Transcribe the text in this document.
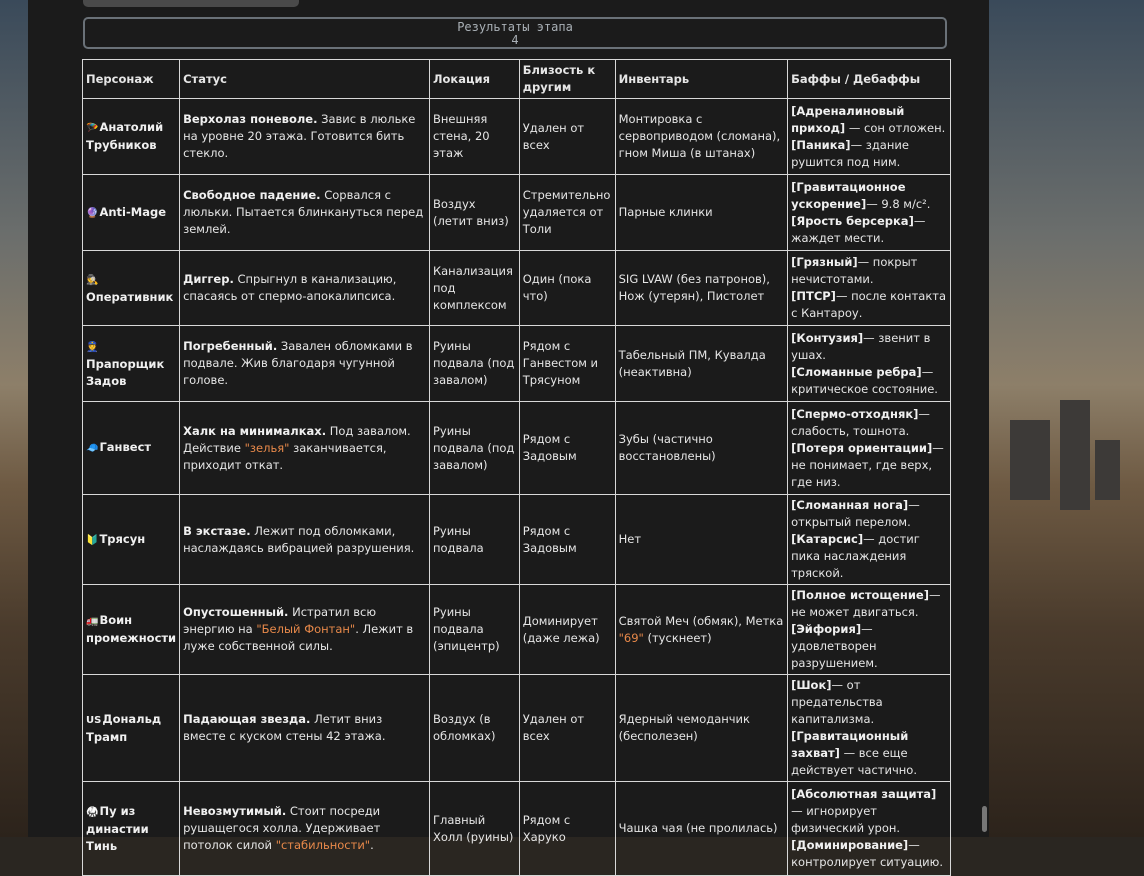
Результаты этапа
4
Персонаж	Статус	Локация	Близость к другим	Инвентарь	Баффы / Дебаффы
🪂Анатолий Трубников	Верхолаз поневоле. Завис в люльке на уровне 20 этажа. Готовится бить стекло.	Внешняя стена, 20 этаж	Удален от всех	Монтировка с сервоприводом (сломана), гном Миша (в штанах)	[Адреналиновый приход] — сон отложен.
[Паника]— здание рушится под ним.
🔮Anti-Mage	Свободное падение. Сорвался с люльки. Пытается блинкануться перед землей.	Воздух (летит вниз)	Стремительно удаляется от Толи	Парные клинки	[Гравитационное ускорение]— 9.8 м/с².
[Ярость берсерка]— жаждет мести.
🕵Оперативник	Диггер. Спрыгнул в канализацию, спасаясь от спермо-апокалипсиса.	Канализация под комплексом	Один (пока что)	SIG LVAW (без патронов), Нож (утерян), Пистолет	[Грязный]— покрыт нечистотами.
[ПТСР]— после контакта с Кантароу.
👮Прапорщик Задов	Погребенный. Завален обломками в подвале. Жив благодаря чугунной голове.	Руины подвала (под завалом)	Рядом с Ганвестом и Трясуном	Табельный ПМ, Кувалда (неактивна)	[Контузия]— звенит в ушах.
[Сломанные ребра]— критическое состояние.
🧢Ганвест	Халк на минималках. Под завалом. Действие "зелья" заканчивается, приходит откат.	Руины подвала (под завалом)	Рядом с Задовым	Зубы (частично восстановлены)	[Спермо-отходняк]— слабость, тошнота.
[Потеря ориентации]— не понимает, где верх, где низ.
🔰Трясун	В экстазе. Лежит под обломками, наслаждаясь вибрацией разрушения.	Руины подвала	Рядом с Задовым	Нет	[Сломанная нога]— открытый перелом.
[Катарсис]— достиг пика наслаждения тряской.
🚛Воин промежности	Опустошенный. Истратил всю энергию на "Белый Фонтан". Лежит в луже собственной силы.	Руины подвала (эпицентр)	Доминирует (даже лежа)	Святой Меч (обмяк), Метка "69" (тускнеет)	[Полное истощение]— не может двигаться.
[Эйфория]— удовлетворен разрушением.
USДональд Трамп	Падающая звезда. Летит вниз вместе с куском стены 42 этажа.	Воздух (в обломках)	Удален от всех	Ядерный чемоданчик (бесполезен)	[Шок]— от предательства капитализма.
[Гравитационный захват] — все еще действует частично.
🥋Пу из династии Тинь	Невозмутимый. Стоит посреди рушащегося холла. Удерживает потолок силой "стабильности".	Главный Холл (руины)	Рядом с Харуко	Чашка чая (не пролилась)	[Абсолютная защита]— игнорирует физический урон.
[Доминирование]— контролирует ситуацию.
